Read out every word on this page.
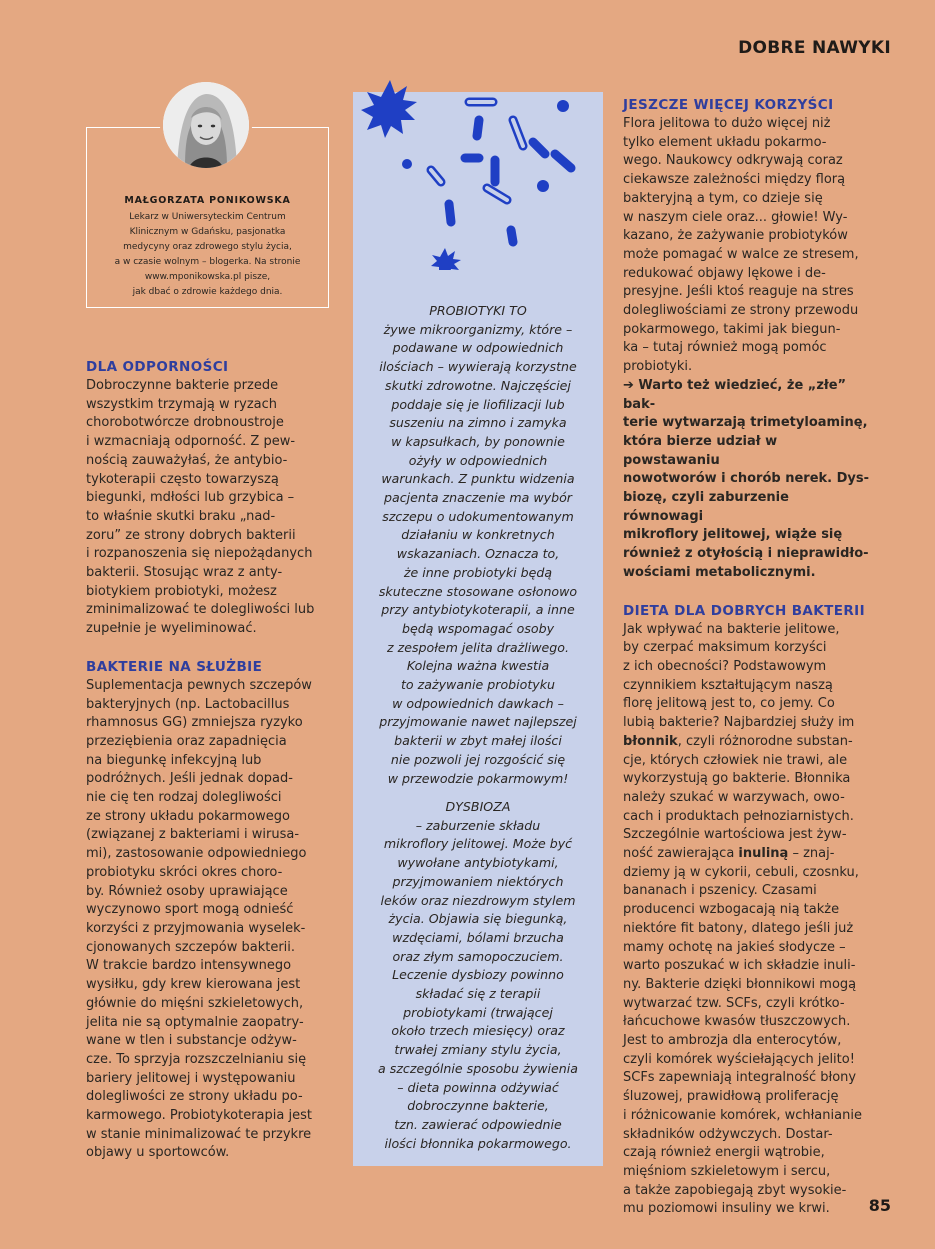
DOBRE NAWYKI
MAŁGORZATA PONIKOWSKA
Lekarz w Uniwersyteckim Centrum
Klinicznym w Gdańsku, pasjonatka
medycyny oraz zdrowego stylu życia,
a w czasie wolnym – blogerka. Na stronie
www.mponikowska.pl pisze,
jak dbać o zdrowie każdego dnia.
DLA ODPORNOŚCI

Dobroczynne bakterie przede
wszystkim trzymają w ryzach
chorobotwórcze drobnoustroje
i wzmacniają odporność. Z pew-
nością zauważyłaś, że antybio-
tykoterapii często towarzyszą
biegunki, mdłości lub grzybica –
to właśnie skutki braku „nad-
zoru” ze strony dobrych bakterii
i rozpanoszenia się niepożądanych
bakterii. Stosując wraz z anty-
biotykiem probiotyki, możesz
zminimalizować te dolegliwości lub
zupełnie je wyeliminować.

BAKTERIE NA SŁUŻBIE

Suplementacja pewnych szczepów
bakteryjnych (np. Lactobacillus
rhamnosus GG) zmniejsza ryzyko
przeziębienia oraz zapadnięcia
na biegunkę infekcyjną lub
podróżnych. Jeśli jednak dopad-
nie cię ten rodzaj dolegliwości
ze strony układu pokarmowego
(związanej z bakteriami i wirusa-
mi), zastosowanie odpowiedniego
probiotyku skróci okres choro-
by. Również osoby uprawiające
wyczynowo sport mogą odnieść
korzyści z przyjmowania wyselek-
cjonowanych szczepów bakterii.
W trakcie bardzo intensywnego
wysiłku, gdy krew kierowana jest
głównie do mięśni szkieletowych,
jelita nie są optymalnie zaopatry-
wane w tlen i substancje odżyw-
cze. To sprzyja rozszczelnianiu się
bariery jelitowej i występowaniu
dolegliwości ze strony układu po-
karmowego. Probiotykoterapia jest
w stanie minimalizować te przykre
objawy u sportowców.

PROBIOTYKI TO
żywe mikroorganizmy, które –
podawane w odpowiednich
ilościach – wywierają korzystne
skutki zdrowotne. Najczęściej
poddaje się je liofilizacji lub
suszeniu na zimno i zamyka
w kapsułkach, by ponownie
ożyły w odpowiednich
warunkach. Z punktu widzenia
pacjenta znaczenie ma wybór
szczepu o udokumentowanym
działaniu w konkretnych
wskazaniach. Oznacza to,
że inne probiotyki będą
skuteczne stosowane osłonowo
przy antybiotykoterapii, a inne
będą wspomagać osoby
z zespołem jelita drażliwego.
Kolejna ważna kwestia
to zażywanie probiotyku
w odpowiednich dawkach –
przyjmowanie nawet najlepszej
bakterii w zbyt małej ilości
nie pozwoli jej rozgościć się
w przewodzie pokarmowym!
DYSBIOZA
– zaburzenie składu
mikroflory jelitowej. Może być
wywołane antybiotykami,
przyjmowaniem niektórych
leków oraz niezdrowym stylem
życia. Objawia się biegunką,
wzdęciami, bólami brzucha
oraz złym samopoczuciem.
Leczenie dysbiozy powinno
składać się z terapii
probiotykami (trwającej
około trzech miesięcy) oraz
trwałej zmiany stylu życia,
a szczególnie sposobu żywienia
– dieta powinna odżywiać
dobroczynne bakterie,
tzn. zawierać odpowiednie
ilości błonnika pokarmowego.
JESZCZE WIĘCEJ KORZYŚCI

Flora jelitowa to dużo więcej niż
tylko element układu pokarmo-
wego. Naukowcy odkrywają coraz
ciekawsze zależności między florą
bakteryjną a tym, co dzieje się
w naszym ciele oraz... głowie! Wy-
kazano, że zażywanie probiotyków
może pomagać w walce ze stresem,
redukować objawy lękowe i de-
presyjne. Jeśli ktoś reaguje na stres
dolegliwościami ze strony przewodu
pokarmowego, takimi jak biegun-
ka – tutaj również mogą pomóc
probiotyki.

➔ Warto też wiedzieć, że „złe” bak-
terie wytwarzają trimetyloaminę,
która bierze udział w powstawaniu
nowotworów i chorób nerek. Dys-
biozę, czyli zaburzenie równowagi
mikroflory jelitowej, wiąże się
również z otyłością i nieprawidło-
wościami metabolicznymi.

DIETA DLA DOBRYCH BAKTERII

Jak wpływać na bakterie jelitowe,
by czerpać maksimum korzyści
z ich obecności? Podstawowym
czynnikiem kształtującym naszą
florę jelitową jest to, co jemy. Co
lubią bakterie? Najbardziej służy im
błonnik, czyli różnorodne substan-
cje, których człowiek nie trawi, ale
wykorzystują go bakterie. Błonnika
należy szukać w warzywach, owo-
cach i produktach pełnoziarnistych.
Szczególnie wartościowa jest żyw-
ność zawierająca inuliną – znaj-
dziemy ją w cykorii, cebuli, czosnku,
bananach i pszenicy. Czasami
producenci wzbogacają nią także
niektóre fit batony, dlatego jeśli już
mamy ochotę na jakieś słodycze –
warto poszukać w ich składzie inuli-
ny. Bakterie dzięki błonnikowi mogą
wytwarzać tzw. SCFs, czyli krótko-
łańcuchowe kwasów tłuszczowych.
Jest to ambrozja dla enterocytów,
czyli komórek wyściełających jelito!
SCFs zapewniają integralność błony
śluzowej, prawidłową proliferację
i różnicowanie komórek, wchłanianie
składników odżywczych. Dostar-
czają również energii wątrobie,
mięśniom szkieletowym i sercu,
a także zapobiegają zbyt wysokie-
mu poziomowi insuliny we krwi.	85
